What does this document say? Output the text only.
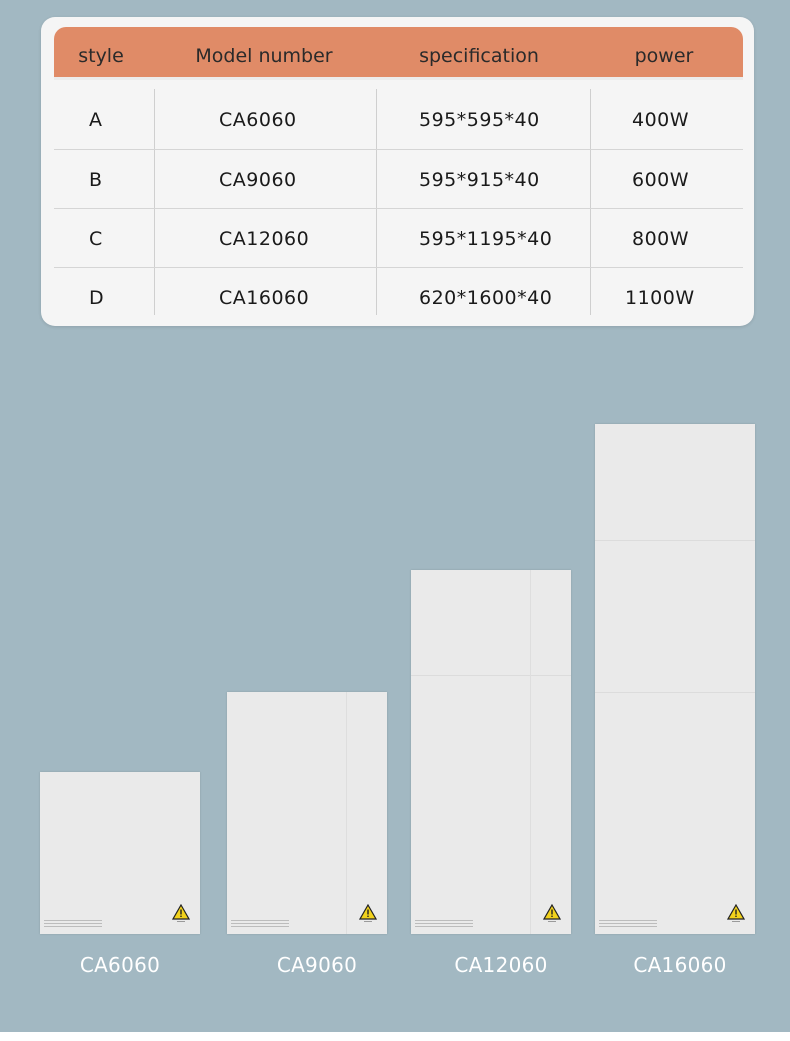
style	Model number	specification	power
A	CA6060	595*595*40	400W
B	CA9060	595*915*40	600W
C	CA12060	595*1195*40	800W
D	CA16060	620*1600*40	1100W
CA6060	CA9060	CA12060	CA16060
